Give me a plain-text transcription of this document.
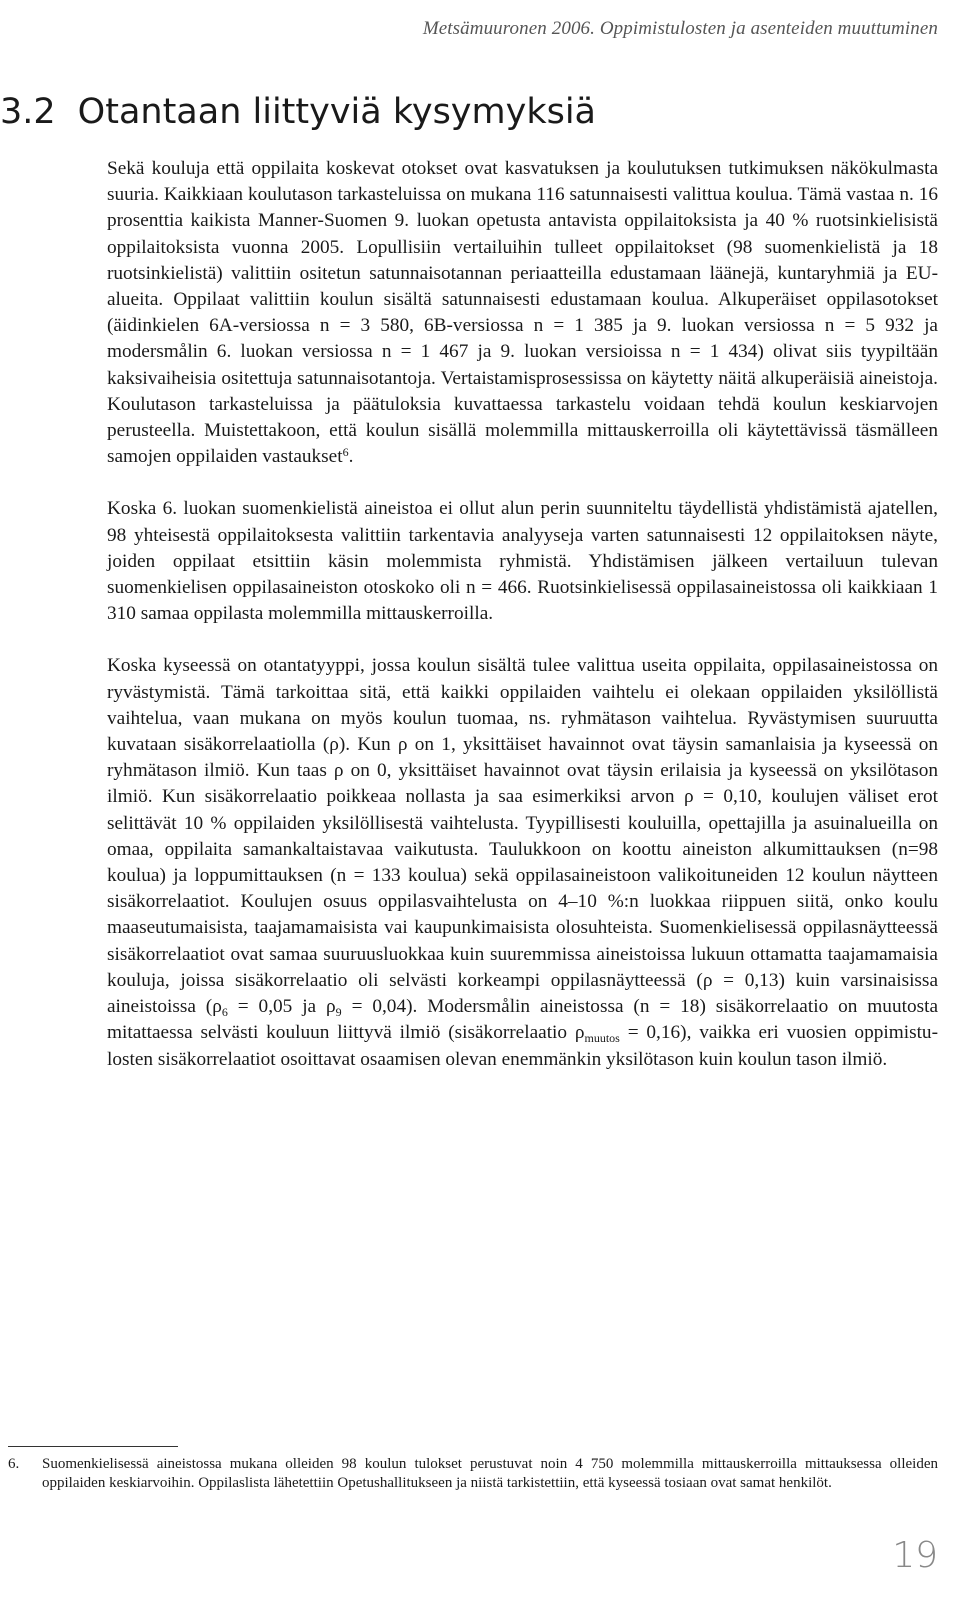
Metsämuuronen 2006. Oppimistulosten ja asenteiden muuttuminen
3.2 Otantaan liittyviä kysymyksiä

Sekä kouluja että oppilaita koskevat otokset ovat kasvatuksen ja koulutuksen tutkimuksen näkökulmasta suuria. Kaikkiaan koulutason tarkasteluissa on mukana 116 satunnaisesti valittua koulua. Tämä vastaa n. 16 prosenttia kaikista Manner-Suomen 9. luokan opetusta antavista oppilaitoksista ja 40 % ruotsinkielisistä oppilaitoksista vuonna 2005. Lopullisiin vertailuihin tulleet oppilaitokset (98 suomenkielistä ja 18 ruotsinkielistä) valittiin ositetun satunnaisotannan periaatteilla edustamaan läänejä, kuntaryhmiä ja EU-alueita. Oppilaat valittiin koulun sisältä satunnaisesti edustamaan koulua. Alkuperäiset oppilasotokset (äidinkielen 6A-versiossa n = 3 580, 6B-versiossa n = 1 385 ja 9. luokan versiossa n = 5 932 ja modersmålin 6. luokan versiossa n = 1 467 ja 9. luokan versioissa n = 1 434) olivat siis tyypiltään kaksivaiheisia ositettuja satunnaisotantoja. Vertaistamisprosessissa on käytetty näitä alkuperäisiä aineistoja. Koulutason tarkasteluissa ja päätuloksia kuvattaessa tarkastelu voidaan tehdä koulun keskiarvojen perusteella. Muistettakoon, että koulun sisällä molemmilla mittauskerroilla oli käytettävissä täsmälleen samojen oppilaiden vastaukset$^6$.

Koska 6. luokan suomenkielistä aineistoa ei ollut alun perin suunniteltu täydellistä yhdistämistä ajatellen, 98 yhteisestä oppilaitoksesta valittiin tarkentavia analyyseja varten satunnaisesti 12 oppilaitoksen näyte, joiden oppilaat etsittiin käsin molemmista ryhmistä. Yhdistämisen jälkeen vertailuun tulevan suomenkielisen oppilasaineiston otoskoko oli n = 466. Ruotsinkielisessä oppilasaineistossa oli kaikkiaan 1 310 samaa oppilasta molemmilla mittauskerroilla.

Koska kyseessä on otantatyyppi, jossa koulun sisältä tulee valittua useita oppilaita, oppilasaineistossa on ryvästymistä. Tämä tarkoittaa sitä, että kaikki oppilaiden vaihtelu ei olekaan oppilaiden yksilöllistä vaihtelua, vaan mukana on myös koulun tuomaa, ns. ryhmätason vaihtelua. Ryvästymisen suuruutta kuvataan sisäkorrelaatiolla (ρ). Kun ρ on 1, yksittäiset havainnot ovat täysin samanlaisia ja kyseessä on ryhmätason ilmiö. Kun taas ρ on 0, yksittäiset havainnot ovat täysin erilaisia ja kyseessä on yksilötason ilmiö. Kun sisäkorrelaatio poikkeaa nollasta ja saa esimerkiksi arvon ρ = 0,10, koulujen väliset erot selittävät 10 % oppilaiden yksilöllisestä vaihtelusta. Tyypillisesti kouluilla, opettajilla ja asuinalueilla on omaa, oppilaita samankaltaistavaa vaikutusta. Taulukkoon on koottu aineiston alkumittauksen (n=98 koulua) ja loppumittauksen (n = 133 koulua) sekä oppilasaineistoon valikoituneiden 12 koulun näytteen sisäkorrelaatiot. Koulujen osuus oppilasvaihtelusta on 4–10 %:n luokkaa riippuen siitä, onko koulu maaseutumaisista, taajamamaisista vai kaupunkimaisista olosuhteista. Suomenkielisessä oppilasnäytteessä sisäkorrelaatiot ovat samaa suuruusluokkaa kuin suuremmissa aineistoissa lukuun ottamatta taajamamaisia kouluja, joissa sisäkorrelaatio oli selvästi korkeampi oppilasnäytteessä (ρ = 0,13) kuin varsinaisissa aineistoissa ($\rho_6 = 0,05$ ja $\rho_9 = 0,04$). Modersmålin aineistossa (n = 18) sisäkorrelaatio on muutosta mitattaessa selvästi kouluun liittyvä ilmiö (sisäkorrelaatio $\rho_{muutos} = 0,16$), vaikka eri vuosien oppimistulosten sisäkorrelaatiot osoittavat osaamisen olevan enemmänkin yksilötason kuin koulun tason ilmiö.

6. Suomenkielisessä aineistossa mukana olleiden 98 koulun tulokset perustuvat noin 4 750 molemmilla mittauskerroilla mittauksessa olleiden oppilaiden keskiarvoihin. Oppilaslista lähetettiin Opetushallitukseen ja niistä tarkistettiin, että kyseessä tosiaan ovat samat henkilöt.
19
